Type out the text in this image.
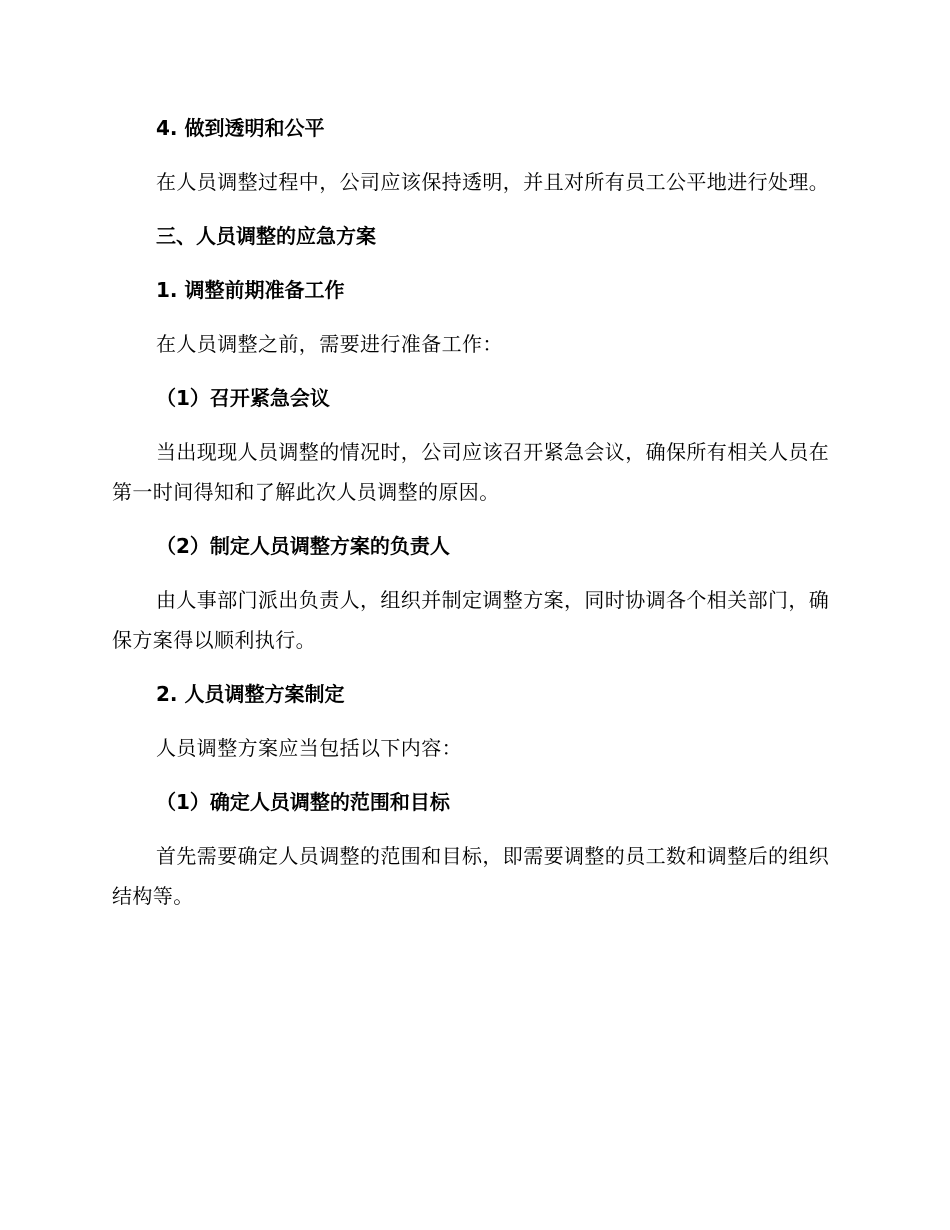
4. 做到透明和公平

在人员调整过程中，公司应该保持透明，并且对所有员工公平地进行处理。

三、人员调整的应急方案
1. 调整前期准备工作

在人员调整之前，需要进行准备工作：

（1）召开紧急会议

当出现现人员调整的情况时，公司应该召开紧急会议，确保所有相关人员在第一时间得知和了解此次人员调整的原因。

（2）制定人员调整方案的负责人

由人事部门派出负责人，组织并制定调整方案，同时协调各个相关部门，确保方案得以顺利执行。

2. 人员调整方案制定

人员调整方案应当包括以下内容：

（1）确定人员调整的范围和目标

首先需要确定人员调整的范围和目标，即需要调整的员工数和调整后的组织结构等。
